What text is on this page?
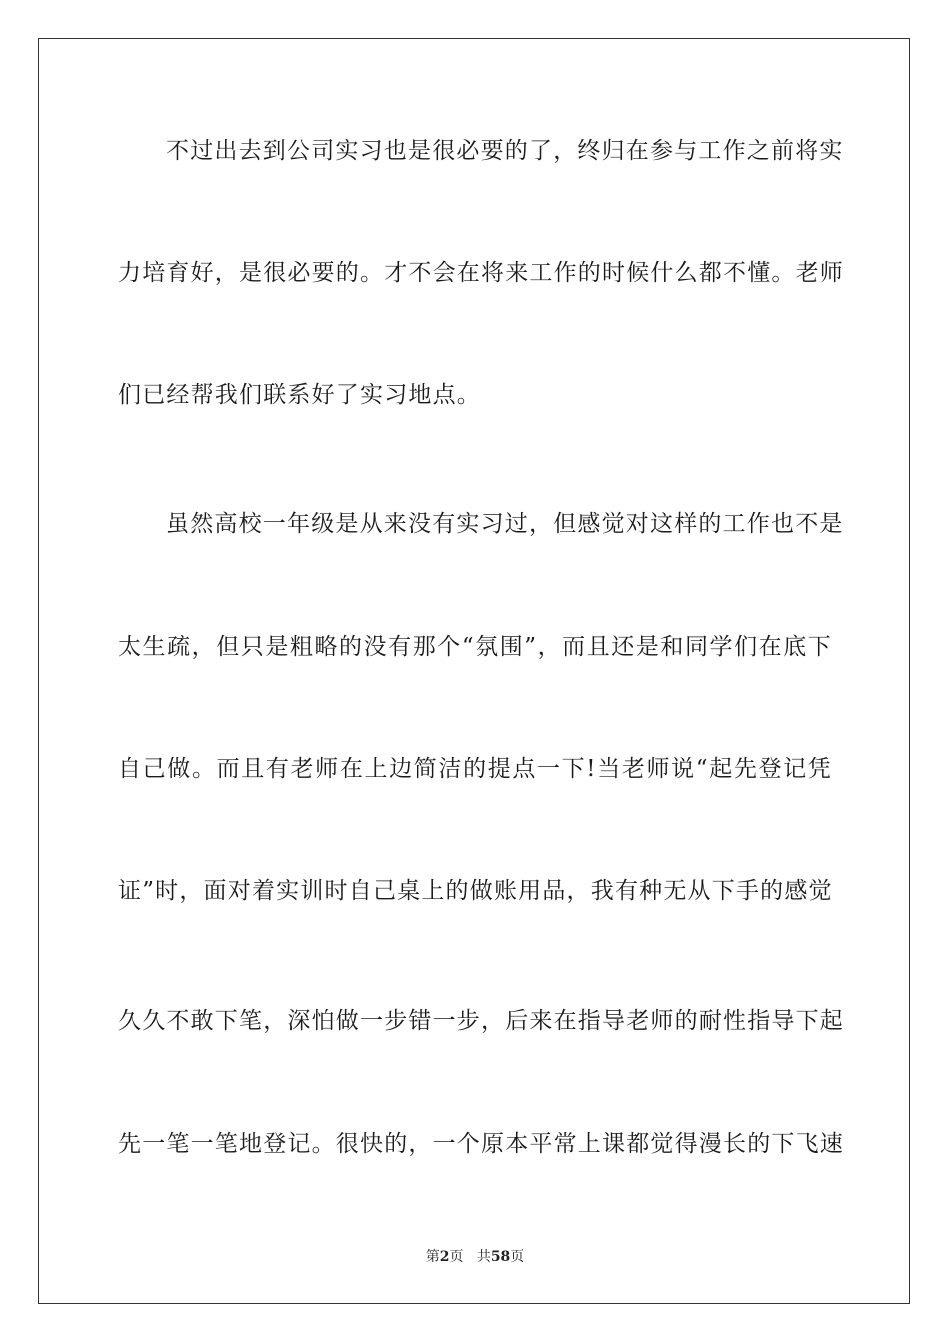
不过出去到公司实习也是很必要的了，终归在参与工作之前将实
力培育好，是很必要的。才不会在将来工作的时候什么都不懂。老师
们已经帮我们联系好了实习地点。
虽然高校一年级是从来没有实习过，但感觉对这样的工作也不是
太生疏，但只是粗略的没有那个“氛围”，而且还是和同学们在底下
自己做。而且有老师在上边简洁的提点一下!当老师说“起先登记凭
证”时，面对着实训时自己桌上的做账用品，我有种无从下手的感觉
久久不敢下笔，深怕做一步错一步，后来在指导老师的耐性指导下起
先一笔一笔地登记。很快的，一个原本平常上课都觉得漫长的下飞速
第2页 共58页
